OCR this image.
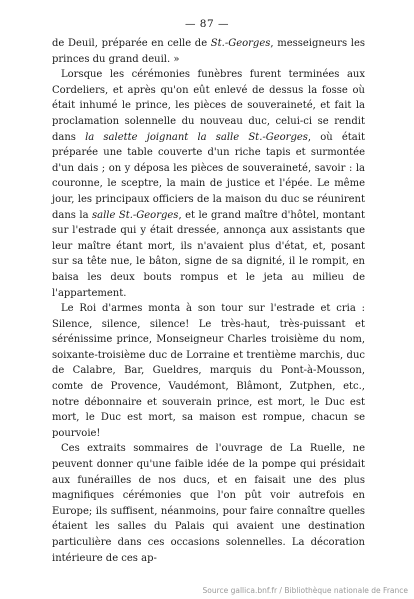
— 87 —

de Deuil, préparée en celle de St.-Georges, messeigneurs les princes du grand deuil. »

Lorsque les cérémonies funèbres furent terminées aux Cordeliers, et après qu'on eût enlevé de dessus la fosse où était inhumé le prince, les pièces de souveraineté, et fait la proclamation solennelle du nouveau duc, celui-ci se rendit dans la salette joignant la salle St.-Georges, où était préparée une table couverte d'un riche tapis et surmontée d'un dais ; on y déposa les pièces de souveraineté, savoir : la couronne, le sceptre, la main de justice et l'épée. Le même jour, les principaux officiers de la maison du duc se réunirent dans la salle St.-Georges, et le grand maître d'hôtel, montant sur l'estrade qui y était dressée, annonça aux assistants que leur maître étant mort, ils n'avaient plus d'état, et, posant sur sa tête nue, le bâton, signe de sa dignité, il le rompit, en baisa les deux bouts rompus et le jeta au milieu de l'appartement.

Le Roi d'armes monta à son tour sur l'estrade et cria : Silence, silence, silence! Le très-haut, très-puissant et sérénissime prince, Monseigneur Charles troisième du nom, soixante-troisième duc de Lorraine et trentième marchis, duc de Calabre, Bar, Gueldres, marquis du Pont-à-Mousson, comte de Provence, Vaudémont, Blâmont, Zutphen, etc., notre débonnaire et souverain prince, est mort, le Duc est mort, le Duc est mort, sa maison est rompue, chacun se pourvoie!

Ces extraits sommaires de l'ouvrage de La Ruelle, ne peuvent donner qu'une faible idée de la pompe qui présidait aux funérailles de nos ducs, et en faisait une des plus magnifiques cérémonies que l'on pût voir autrefois en Europe; ils suffisent, néanmoins, pour faire connaître quelles étaient les salles du Palais qui avaient une destination particulière dans ces occasions solennelles. La décoration intérieure de ces ap-

Source gallica.bnf.fr / Bibliothèque nationale de France
